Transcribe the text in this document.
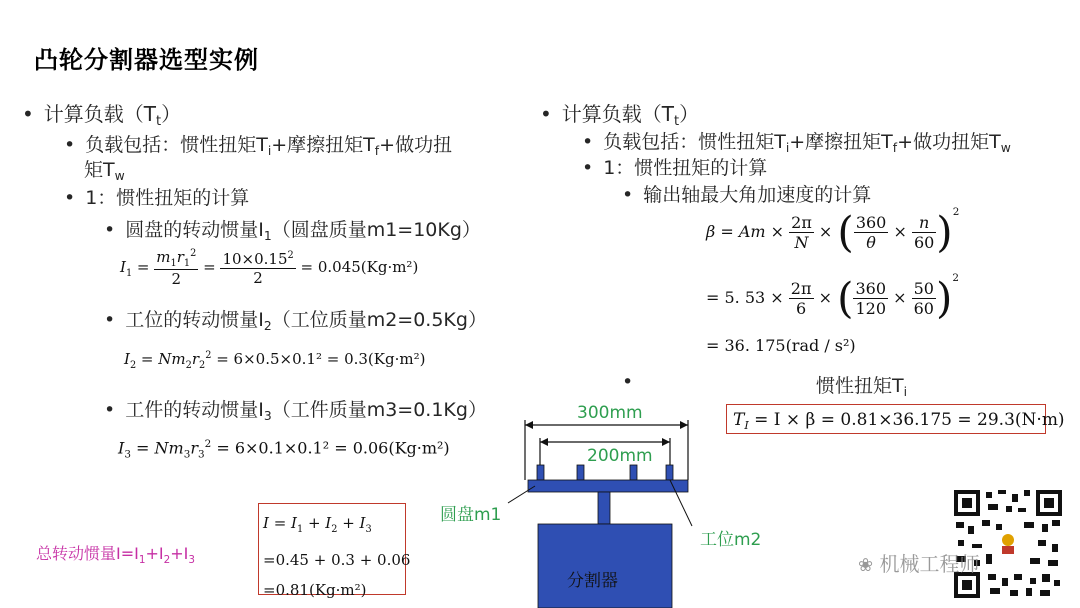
凸轮分割器选型实例
• 计算负载$(T_t)$
• 负载包括：惯性扭矩$T_i+$摩擦扭矩$T_f+$做功扭
矩$T_w$
• 1：惯性扭矩的计算
• 圆盘的转动惯量$I_1$（圆盘质量m1=10Kg）
$I_1 = \frac{m_1r_1^2}{2} = \frac{10\times 0.15^2}{2} = 0.045(Kg\cdot m^2)$
• 工位的转动惯量$I_2$（工位质量m2=0.5Kg）
$I_2 = Nm_2r_2^2 = 6\times 0.5\times 0.1^2 = 0.3(Kg\cdot m^2)$
• 工件的转动惯量$I_3$（工件质量m3=0.1Kg）
$I_3 = Nm_3r_3^2 = 6\times 0.1\times 0.1^2 = 0.06(Kg\cdot m^2)$
总转动惯量$I=I_1+I_2+I_3$
$I = I_1 + I_2 + I_3$
=0.45 + 0.3 + 0.06
=0.81(Kg·m²)
• 计算负载$(T_t)$
• 负载包括：惯性扭矩$T_i+$摩擦扭矩$T_f+$做功扭矩$T_w$
• 1：惯性扭矩的计算
• 输出轴最大角加速度的计算
$\beta = Am \times \frac{2\pi}{N}$ × ( $\frac{360}{\theta} \times \frac{n}{60} )^2$
= 5. $53 \times \frac{2\pi}{6}$ × ( $\frac{360}{120} \times \frac{50}{60} )^2$
= 36. 175(rad / s²)
•	惯性扭矩$T_i$
$T_I = I \times \beta = 0.81\times 36.175 = 29.3(N\cdot m)$
300mm
200mm
圆盘m1
工位m2
分割器
❀ 机械工程师
